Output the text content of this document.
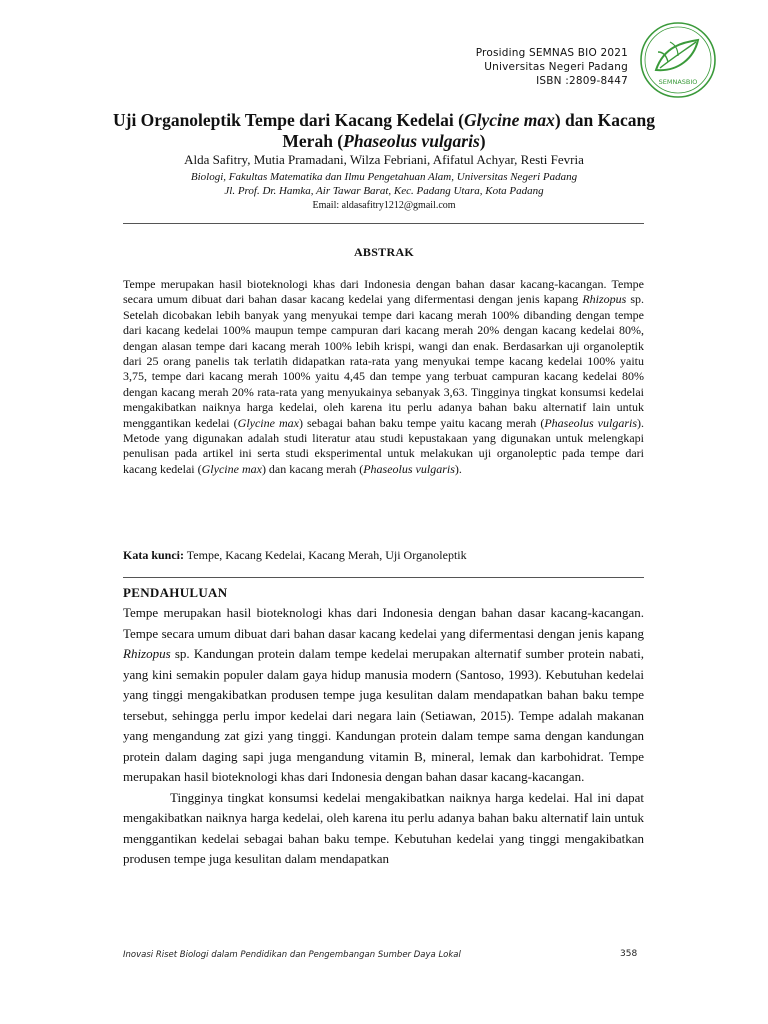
Prosiding SEMNAS BIO 2021
Universitas Negeri Padang
ISBN :2809-8447	SEMNASBIO
Uji Organoleptik Tempe dari Kacang Kedelai (Glycine max) dan Kacang Merah (Phaseolus vulgaris)
Alda Safitry, Mutia Pramadani, Wilza Febriani, Afifatul Achyar, Resti Fevria
Biologi, Fakultas Matematika dan Ilmu Pengetahuan Alam, Universitas Negeri Padang
Jl. Prof. Dr. Hamka, Air Tawar Barat, Kec. Padang Utara, Kota Padang
Email: aldasafitry1212@gmail.com
ABSTRAK
Tempe merupakan hasil bioteknologi khas dari Indonesia dengan bahan dasar kacang-kacangan. Tempe secara umum dibuat dari bahan dasar kacang kedelai yang difermentasi dengan jenis kapang Rhizopus sp. Setelah dicobakan lebih banyak yang menyukai tempe dari kacang merah 100% dibanding dengan tempe dari kacang kedelai 100% maupun tempe campuran dari kacang merah 20% dengan kacang kedelai 80%, dengan alasan tempe dari kacang merah 100% lebih krispi, wangi dan enak. Berdasarkan uji organoleptik dari 25 orang panelis tak terlatih didapatkan rata-rata yang menyukai tempe kacang kedelai 100% yaitu 3,75, tempe dari kacang merah 100% yaitu 4,45 dan tempe yang terbuat campuran kacang kedelai 80% dengan kacang merah 20% rata-rata yang menyukainya sebanyak 3,63. Tingginya tingkat konsumsi kedelai mengakibatkan naiknya harga kedelai, oleh karena itu perlu adanya bahan baku alternatif lain untuk menggantikan kedelai (Glycine max) sebagai bahan baku tempe yaitu kacang merah (Phaseolus vulgaris). Metode yang digunakan adalah studi literatur atau studi kepustakaan yang digunakan untuk melengkapi penulisan pada artikel ini serta studi eksperimental untuk melakukan uji organoleptic pada tempe dari kacang kedelai (Glycine max) dan kacang merah (Phaseolus vulgaris).
Kata kunci: Tempe, Kacang Kedelai, Kacang Merah, Uji Organoleptik
PENDAHULUAN

Tempe merupakan hasil bioteknologi khas dari Indonesia dengan bahan dasar kacang-kacangan. Tempe secara umum dibuat dari bahan dasar kacang kedelai yang difermentasi dengan jenis kapang Rhizopus sp. Kandungan protein dalam tempe kedelai merupakan alternatif sumber protein nabati, yang kini semakin populer dalam gaya hidup manusia modern (Santoso, 1993). Kebutuhan kedelai yang tinggi mengakibatkan produsen tempe juga kesulitan dalam mendapatkan bahan baku tempe tersebut, sehingga perlu impor kedelai dari negara lain (Setiawan, 2015). Tempe adalah makanan yang mengandung zat gizi yang tinggi. Kandungan protein dalam tempe sama dengan kandungan protein dalam daging sapi juga mengandung vitamin B, mineral, lemak dan karbohidrat. Tempe merupakan hasil bioteknologi khas dari Indonesia dengan bahan dasar kacang-kacangan.

Tingginya tingkat konsumsi kedelai mengakibatkan naiknya harga kedelai. Hal ini dapat mengakibatkan naiknya harga kedelai, oleh karena itu perlu adanya bahan baku alternatif lain untuk menggantikan kedelai sebagai bahan baku tempe. Kebutuhan kedelai yang tinggi mengakibatkan produsen tempe juga kesulitan dalam mendapatkan

Inovasi Riset Biologi dalam Pendidikan dan Pengembangan Sumber Daya Lokal	358
